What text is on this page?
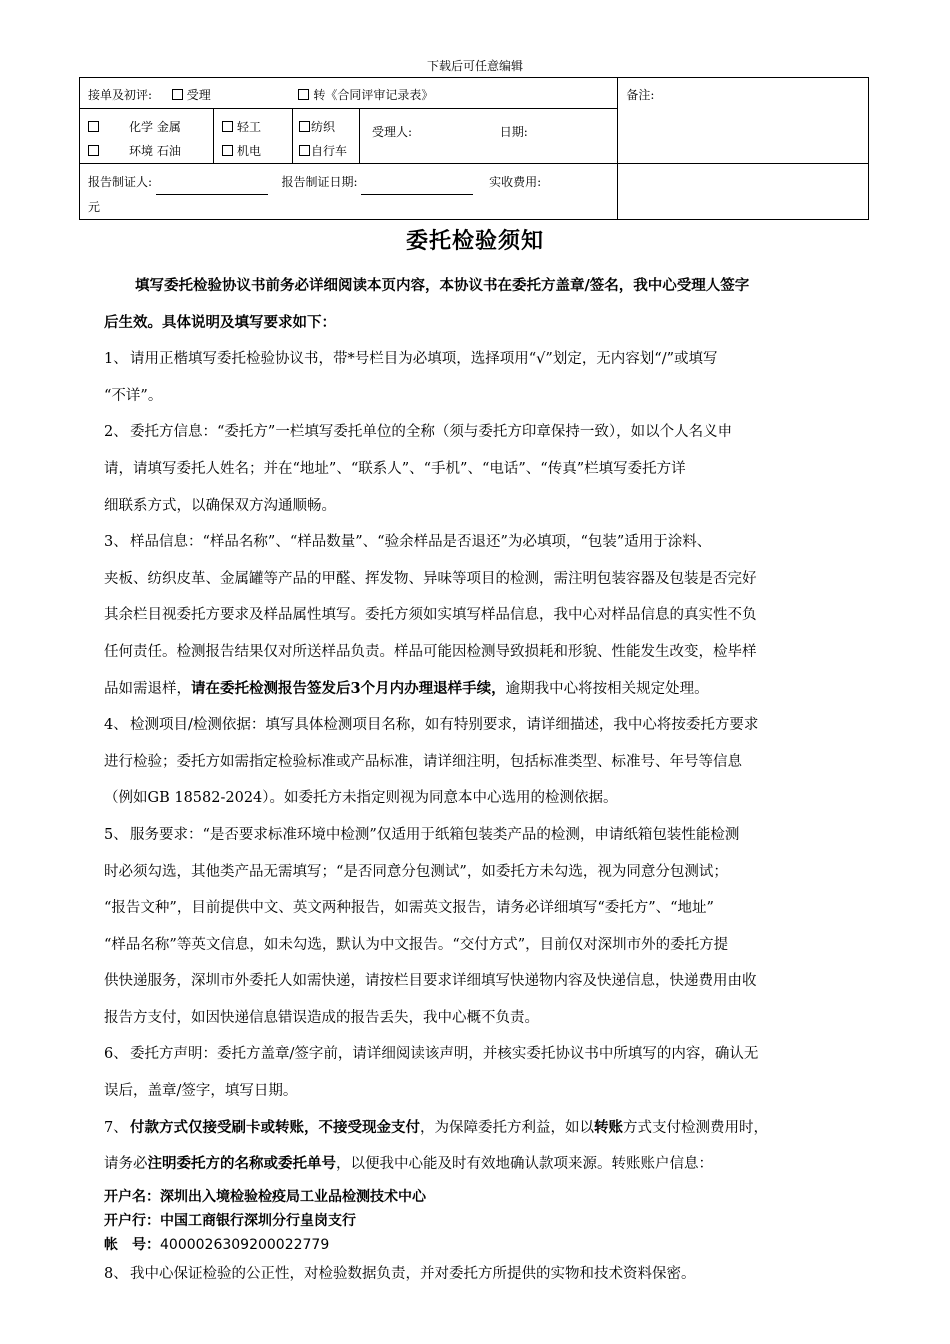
下载后可任意编辑
接单及初评:	受理	转《合同评审记录表》	备注:

化学 金属
环境 石油

轻工
机电

纺织
自行车
	受理人:	日期:

报告制证人:	报告制证日期:	实收费用:
元	
委托检验须知

填写委托检验协议书前务必详细阅读本页内容，本协议书在委托方盖章/签名，我中心受理人签字

后生效。具体说明及填写要求如下：

1、 请用正楷填写委托检验协议书，带*号栏目为必填项，选择项用“√”划定，无内容划“/”或填写

“不详”。

2、 委托方信息：“委托方”一栏填写委托单位的全称（须与委托方印章保持一致），如以个人名义申

请，请填写委托人姓名；并在“地址”、“联系人”、“手机”、“电话”、“传真”栏填写委托方详

细联系方式，以确保双方沟通顺畅。

3、 样品信息：“样品名称”、“样品数量”、“验余样品是否退还”为必填项，“包装”适用于涂料、

夹板、纺织皮革、金属罐等产品的甲醛、挥发物、异味等项目的检测，需注明包装容器及包装是否完好

其余栏目视委托方要求及样品属性填写。委托方须如实填写样品信息，我中心对样品信息的真实性不负

任何责任。检测报告结果仅对所送样品负责。样品可能因检测导致损耗和形貌、性能发生改变，检毕样

品如需退样，请在委托检测报告签发后3个月内办理退样手续，逾期我中心将按相关规定处理。

4、 检测项目/检测依据：填写具体检测项目名称，如有特别要求，请详细描述，我中心将按委托方要求

进行检验；委托方如需指定检验标准或产品标准，请详细注明，包括标准类型、标准号、年号等信息

（例如GB 18582-2024）。如委托方未指定则视为同意本中心选用的检测依据。

5、 服务要求：“是否要求标准环境中检测”仅适用于纸箱包装类产品的检测，申请纸箱包装性能检测

时必须勾选，其他类产品无需填写；“是否同意分包测试”，如委托方未勾选，视为同意分包测试；

“报告文种”，目前提供中文、英文两种报告，如需英文报告，请务必详细填写“委托方”、“地址”

“样品名称”等英文信息，如未勾选，默认为中文报告。“交付方式”，目前仅对深圳市外的委托方提

供快递服务，深圳市外委托人如需快递，请按栏目要求详细填写快递物内容及快递信息，快递费用由收

报告方支付，如因快递信息错误造成的报告丢失，我中心概不负责。

6、 委托方声明：委托方盖章/签字前，请详细阅读该声明，并核实委托协议书中所填写的内容，确认无

误后，盖章/签字，填写日期。

7、 付款方式仅接受刷卡或转账，不接受现金支付，为保障委托方利益，如以转账方式支付检测费用时，

请务必注明委托方的名称或委托单号，以便我中心能及时有效地确认款项来源。转账账户信息：

开户名：深圳出入境检验检疫局工业品检测技术中心
开户行：中国工商银行深圳分行皇岗支行
帐　号：4000026309200022779

8、 我中心保证检验的公正性，对检验数据负责，并对委托方所提供的实物和技术资料保密。
